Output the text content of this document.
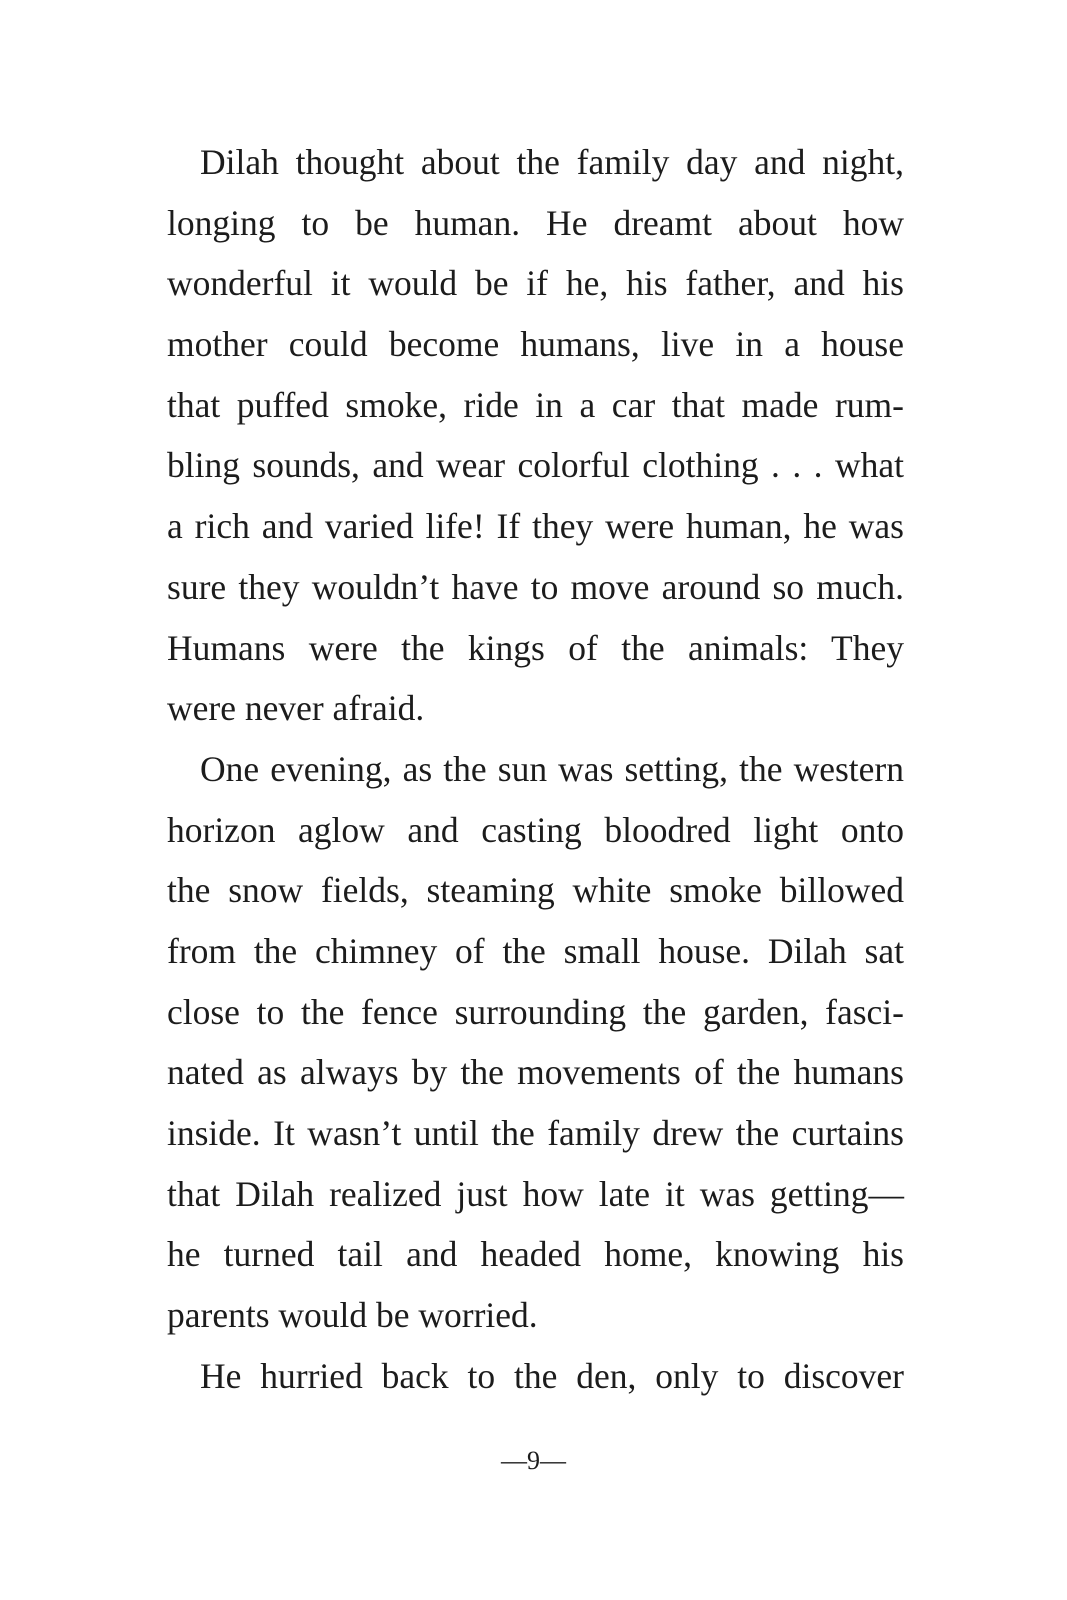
Dilah thought about the family day and night,
longing to be human. He dreamt about how
wonderful it would be if he, his father, and his
mother could become humans, live in a house
that puffed smoke, ride in a car that made rum-
bling sounds, and wear colorful clothing . . . what
a rich and varied life! If they were human, he was
sure they wouldn’t have to move around so much.
Humans were the kings of the animals: They
were never afraid.
One evening, as the sun was setting, the western
horizon aglow and casting bloodred light onto
the snow fields, steaming white smoke billowed
from the chimney of the small house. Dilah sat
close to the fence surrounding the garden, fasci-
nated as always by the movements of the humans
inside. It wasn’t until the family drew the curtains
that Dilah realized just how late it was getting—
he turned tail and headed home, knowing his
parents would be worried.
He hurried back to the den, only to discover
—9—
